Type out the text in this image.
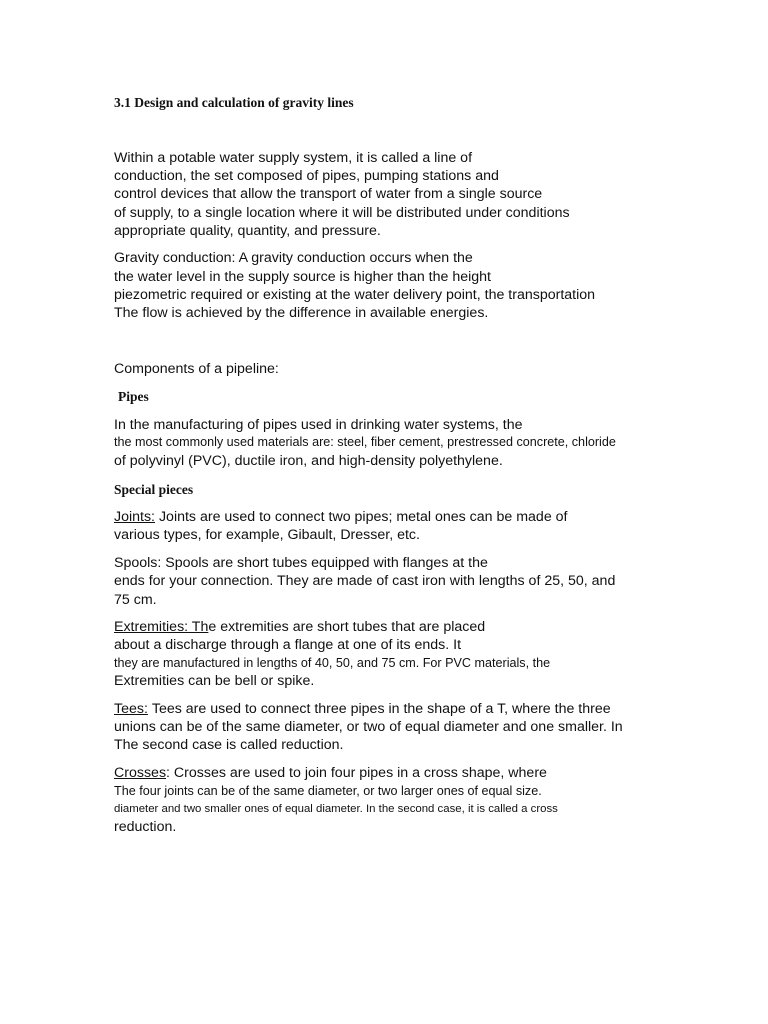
3.1 Design and calculation of gravity lines
Within a potable water supply system, it is called a line of
conduction, the set composed of pipes, pumping stations and
control devices that allow the transport of water from a single source
of supply, to a single location where it will be distributed under conditions
appropriate quality, quantity, and pressure.
Gravity conduction: A gravity conduction occurs when the
the water level in the supply source is higher than the height
piezometric required or existing at the water delivery point, the transportation
The flow is achieved by the difference in available energies.
Components of a pipeline:
Pipes
In the manufacturing of pipes used in drinking water systems, the
the most commonly used materials are: steel, fiber cement, prestressed concrete, chloride
of polyvinyl (PVC), ductile iron, and high-density polyethylene.
Special pieces
Joints: Joints are used to connect two pipes; metal ones can be made of
various types, for example, Gibault, Dresser, etc.
Spools: Spools are short tubes equipped with flanges at the
ends for your connection. They are made of cast iron with lengths of 25, 50, and
75 cm.
Extremities: The extremities are short tubes that are placed
about a discharge through a flange at one of its ends. It
they are manufactured in lengths of 40, 50, and 75 cm. For PVC materials, the
Extremities can be bell or spike.
Tees: Tees are used to connect three pipes in the shape of a T, where the three
unions can be of the same diameter, or two of equal diameter and one smaller. In
The second case is called reduction.
Crosses: Crosses are used to join four pipes in a cross shape, where
The four joints can be of the same diameter, or two larger ones of equal size.
diameter and two smaller ones of equal diameter. In the second case, it is called a cross
reduction.
